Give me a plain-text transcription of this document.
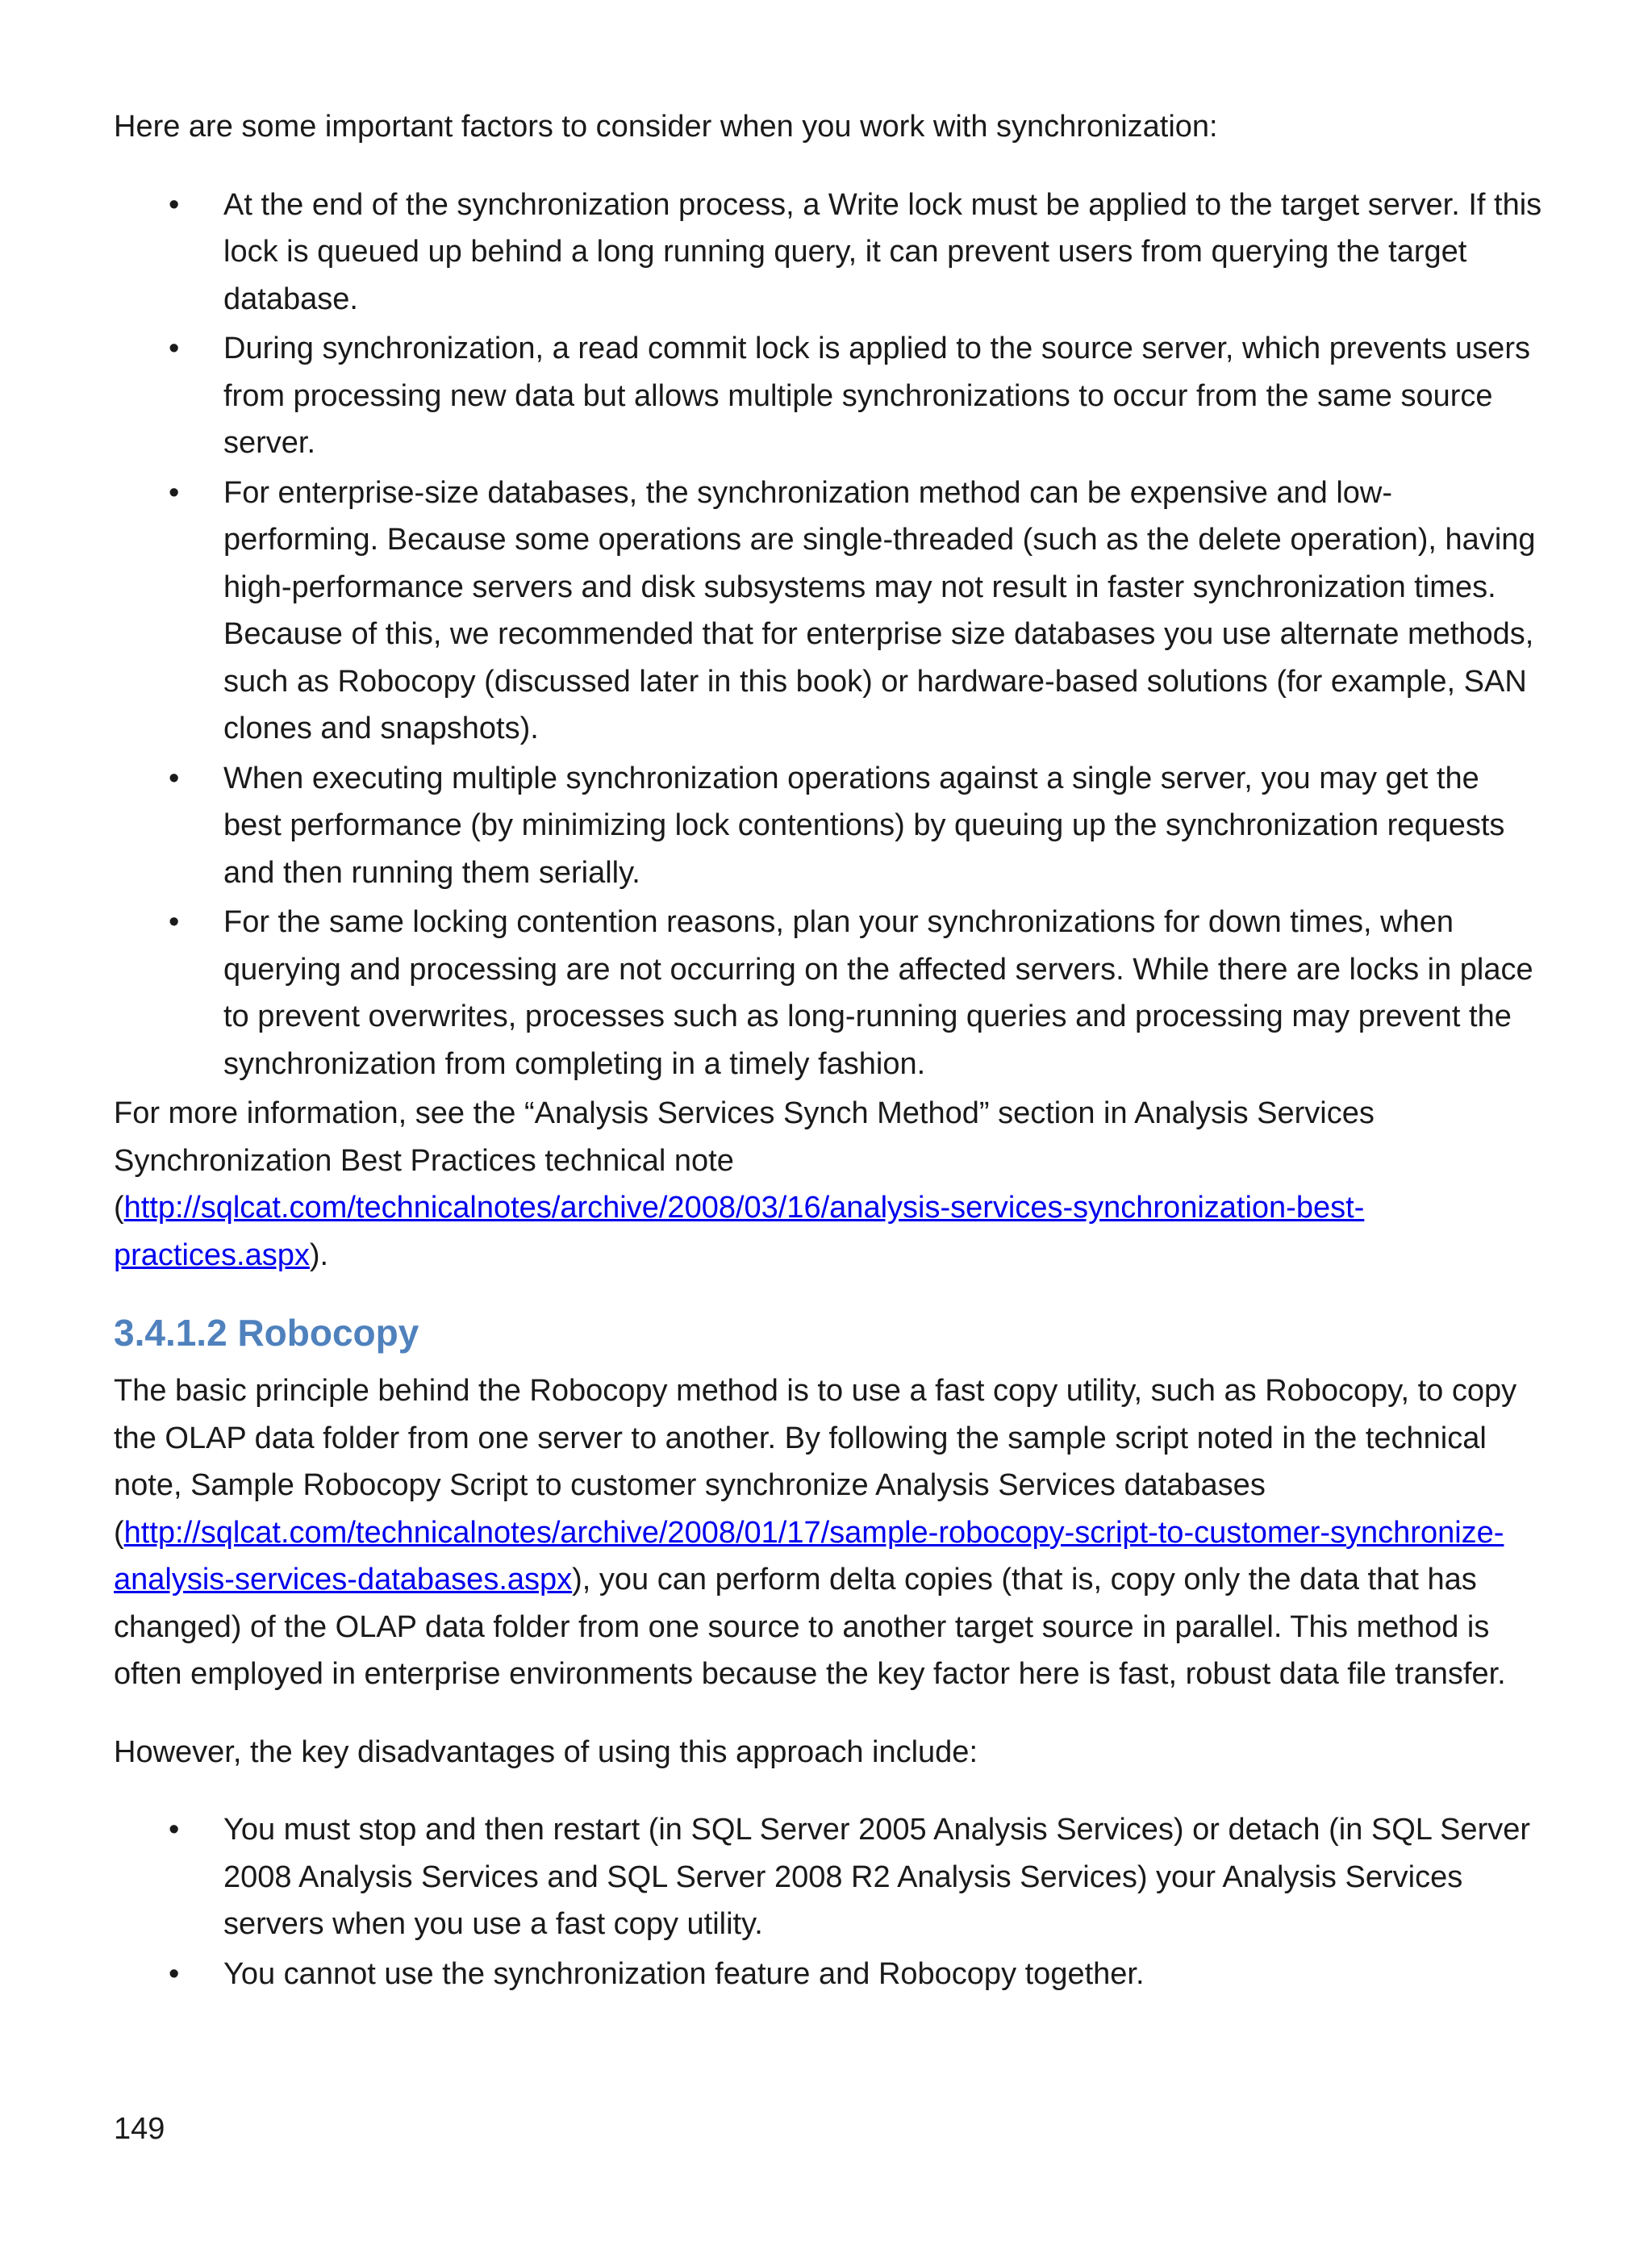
Here are some important factors to consider when you work with synchronization:

• At the end of the synchronization process, a Write lock must be applied to the target server. If this lock is queued up behind a long running query, it can prevent users from querying the target database.
• During synchronization, a read commit lock is applied to the source server, which prevents users from processing new data but allows multiple synchronizations to occur from the same source server.
• For enterprise-size databases, the synchronization method can be expensive and low-performing. Because some operations are single-threaded (such as the delete operation), having high-performance servers and disk subsystems may not result in faster synchronization times. Because of this, we recommended that for enterprise size databases you use alternate methods, such as Robocopy (discussed later in this book) or hardware-based solutions (for example, SAN clones and snapshots).
• When executing multiple synchronization operations against a single server, you may get the best performance (by minimizing lock contentions) by queuing up the synchronization requests and then running them serially.
• For the same locking contention reasons, plan your synchronizations for down times, when querying and processing are not occurring on the affected servers. While there are locks in place to prevent overwrites, processes such as long-running queries and processing may prevent the synchronization from completing in a timely fashion.

For more information, see the “Analysis Services Synch Method” section in Analysis Services Synchronization Best Practices technical note (http://sqlcat.com/technicalnotes/archive/2008/03/16/analysis-services-synchronization-best-practices.aspx).

3.4.1.2 Robocopy

The basic principle behind the Robocopy method is to use a fast copy utility, such as Robocopy, to copy the OLAP data folder from one server to another. By following the sample script noted in the technical note, Sample Robocopy Script to customer synchronize Analysis Services databases (http://sqlcat.com/technicalnotes/archive/2008/01/17/sample-robocopy-script-to-customer-synchronize-analysis-services-databases.aspx), you can perform delta copies (that is, copy only the data that has changed) of the OLAP data folder from one source to another target source in parallel. This method is often employed in enterprise environments because the key factor here is fast, robust data file transfer.

However, the key disadvantages of using this approach include:

• You must stop and then restart (in SQL Server 2005 Analysis Services) or detach (in SQL Server 2008 Analysis Services and SQL Server 2008 R2 Analysis Services) your Analysis Services servers when you use a fast copy utility.
• You cannot use the synchronization feature and Robocopy together.
149
